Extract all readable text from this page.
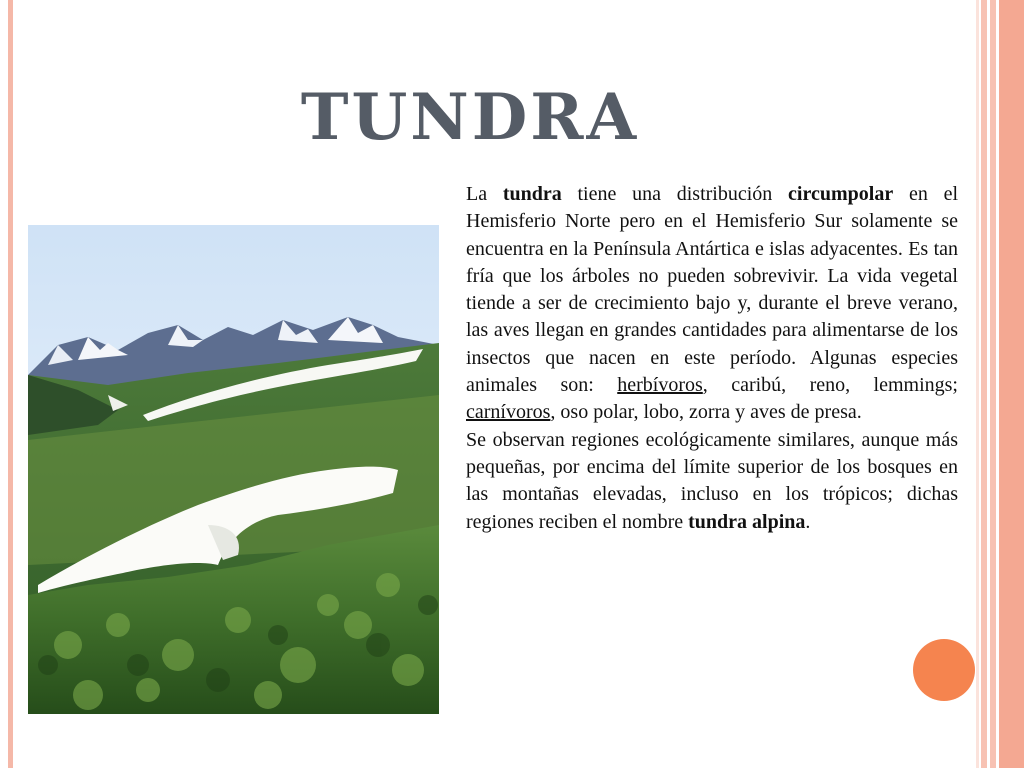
TUNDRA

La tundra tiene una distribución circumpolar en el Hemisferio Norte pero en el Hemisferio Sur solamente se encuentra en la Península Antártica e islas adyacentes. Es tan fría que los árboles no pueden sobrevivir. La vida vegetal tiende a ser de crecimiento bajo y, durante el breve verano, las aves llegan en grandes cantidades para alimentarse de los insectos que nacen en este período. Algunas especies animales son: herbívoros, caribú, reno, lemmings; carnívoros, oso polar, lobo, zorra y aves de presa.

Se observan regiones ecológicamente similares, aunque más pequeñas, por encima del límite superior de los bosques en las montañas elevadas, incluso en los trópicos; dichas regiones reciben el nombre tundra alpina.
